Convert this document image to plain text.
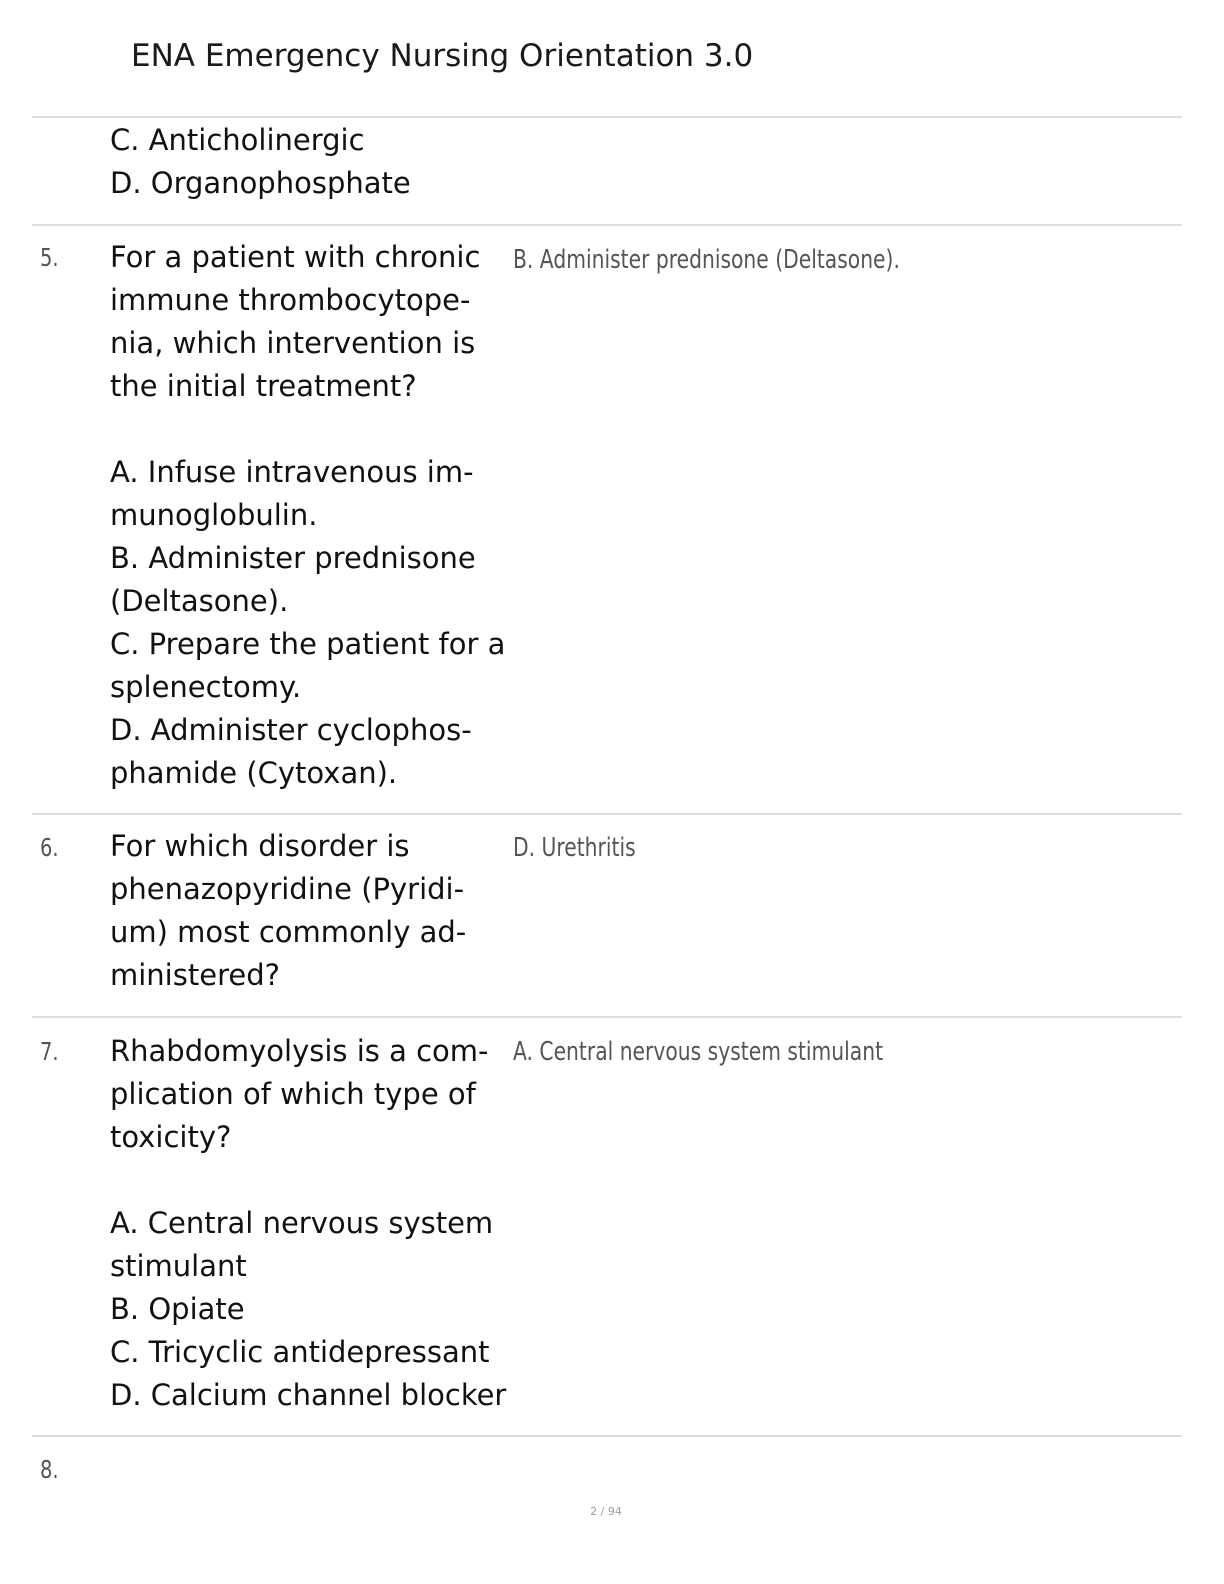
ENA Emergency Nursing Orientation 3.0
C. Anticholinergic
D. Organophosphate
5. For a patient with chronic
immune thrombocytope-
nia, which intervention is
the initial treatment?
A. Infuse intravenous im-
munoglobulin.
B. Administer prednisone
(Deltasone).
C. Prepare the patient for a
splenectomy.
D. Administer cyclophos-
phamide (Cytoxan).
B. Administer prednisone (Deltasone).
6. For which disorder is
phenazopyridine (Pyridi-
um) most commonly ad-
ministered?
D. Urethritis
7. Rhabdomyolysis is a com-
plication of which type of
toxicity?
A. Central nervous system
stimulant
B. Opiate
C. Tricyclic antidepressant
D. Calcium channel blocker
A. Central nervous system stimulant
8.
2 / 94
